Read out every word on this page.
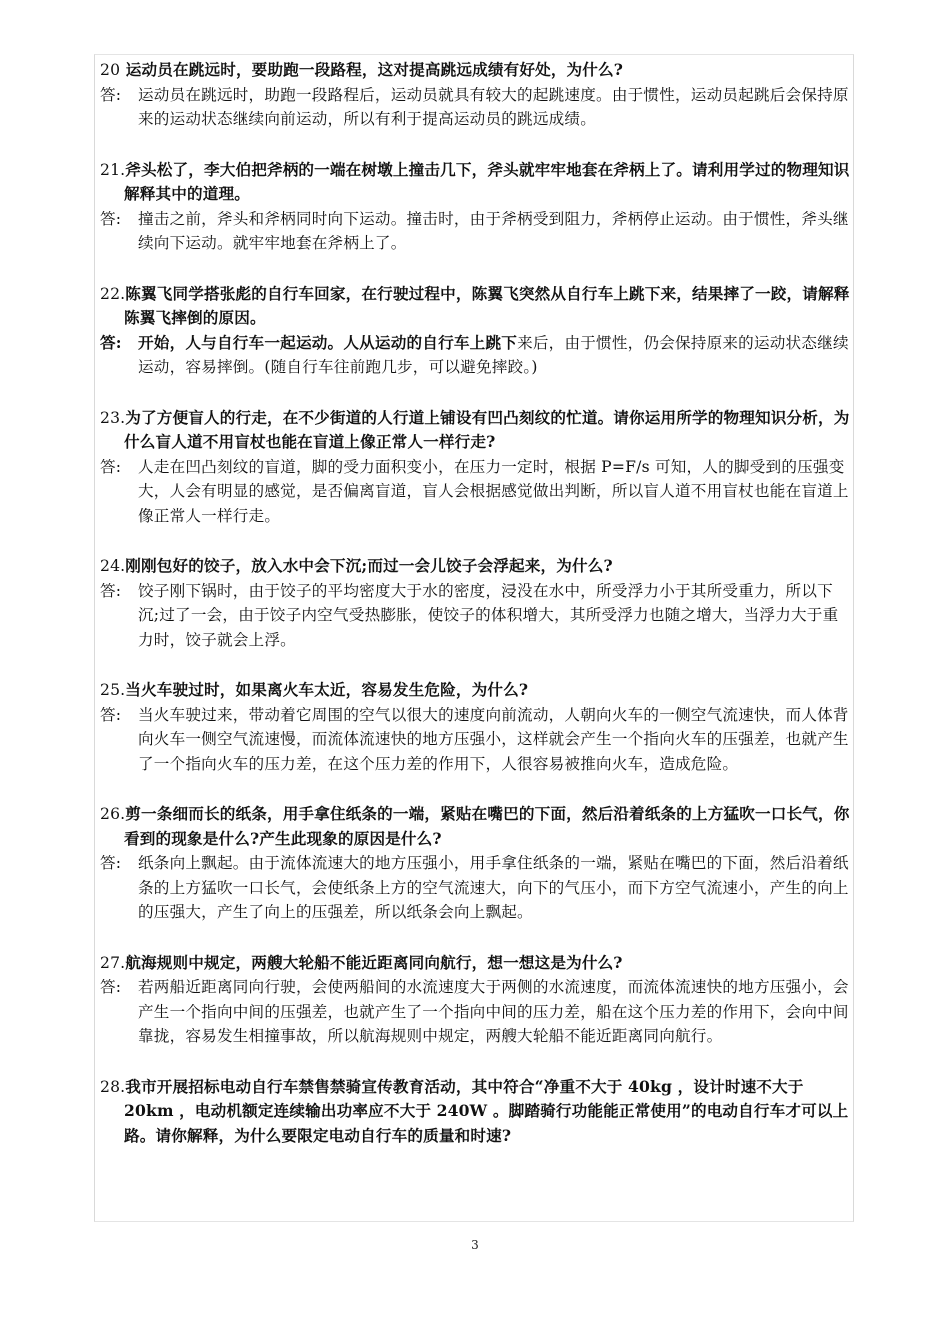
20 运动员在跳远时，要助跑一段路程，这对提高跳远成绩有好处，为什么?
答: 运动员在跳远时，助跑一段路程后，运动员就具有较大的起跳速度。由于惯性，运动员起跳后会保持原来的运动状态继续向前运动，所以有利于提高运动员的跳远成绩。
21.斧头松了，李大伯把斧柄的一端在树墩上撞击几下，斧头就牢牢地套在斧柄上了。请利用学过的物理知识解释其中的道理。
答: 撞击之前，斧头和斧柄同时向下运动。撞击时，由于斧柄受到阻力，斧柄停止运动。由于惯性，斧头继续向下运动。就牢牢地套在斧柄上了。
22.陈翼飞同学搭张彪的自行车回家，在行驶过程中，陈翼飞突然从自行车上跳下来，结果摔了一跤，请解释陈翼飞摔倒的原因。
答: 开始，人与自行车一起运动。人从运动的自行车上跳下来后，由于惯性，仍会保持原来的运动状态继续运动，容易摔倒。(随自行车往前跑几步，可以避免摔跤。)
23.为了方便盲人的行走，在不少街道的人行道上铺设有凹凸刻纹的忙道。请你运用所学的物理知识分析，为什么盲人道不用盲杖也能在盲道上像正常人一样行走?
答: 人走在凹凸刻纹的盲道，脚的受力面积变小，在压力一定时，根据 P=F/s 可知，人的脚受到的压强变大，人会有明显的感觉，是否偏离盲道，盲人会根据感觉做出判断，所以盲人道不用盲杖也能在盲道上像正常人一样行走。
24.刚刚包好的饺子，放入水中会下沉;而过一会儿饺子会浮起来，为什么?
答: 饺子刚下锅时，由于饺子的平均密度大于水的密度，浸没在水中，所受浮力小于其所受重力，所以下沉;过了一会，由于饺子内空气受热膨胀，使饺子的体积增大，其所受浮力也随之增大，当浮力大于重力时，饺子就会上浮。
25.当火车驶过时，如果离火车太近，容易发生危险，为什么?
答: 当火车驶过来，带动着它周围的空气以很大的速度向前流动，人朝向火车的一侧空气流速快，而人体背向火车一侧空气流速慢，而流体流速快的地方压强小，这样就会产生一个指向火车的压强差，也就产生了一个指向火车的压力差，在这个压力差的作用下，人很容易被推向火车，造成危险。
26.剪一条细而长的纸条，用手拿住纸条的一端，紧贴在嘴巴的下面，然后沿着纸条的上方猛吹一口长气，你看到的现象是什么?产生此现象的原因是什么?
答: 纸条向上飘起。由于流体流速大的地方压强小，用手拿住纸条的一端，紧贴在嘴巴的下面，然后沿着纸条的上方猛吹一口长气，会使纸条上方的空气流速大，向下的气压小，而下方空气流速小，产生的向上的压强大，产生了向上的压强差，所以纸条会向上飘起。
27.航海规则中规定，两艘大轮船不能近距离同向航行，想一想这是为什么?
答: 若两船近距离同向行驶，会使两船间的水流速度大于两侧的水流速度，而流体流速快的地方压强小，会产生一个指向中间的压强差，也就产生了一个指向中间的压力差，船在这个压力差的作用下，会向中间靠拢，容易发生相撞事故，所以航海规则中规定，两艘大轮船不能近距离同向航行。
28.我市开展招标电动自行车禁售禁骑宣传教育活动，其中符合“净重不大于 40kg ，设计时速不大于 20km ，电动机额定连续输出功率应不大于 240W 。脚踏骑行功能能正常使用”的电动自行车才可以上路。请你解释，为什么要限定电动自行车的质量和时速?
3
